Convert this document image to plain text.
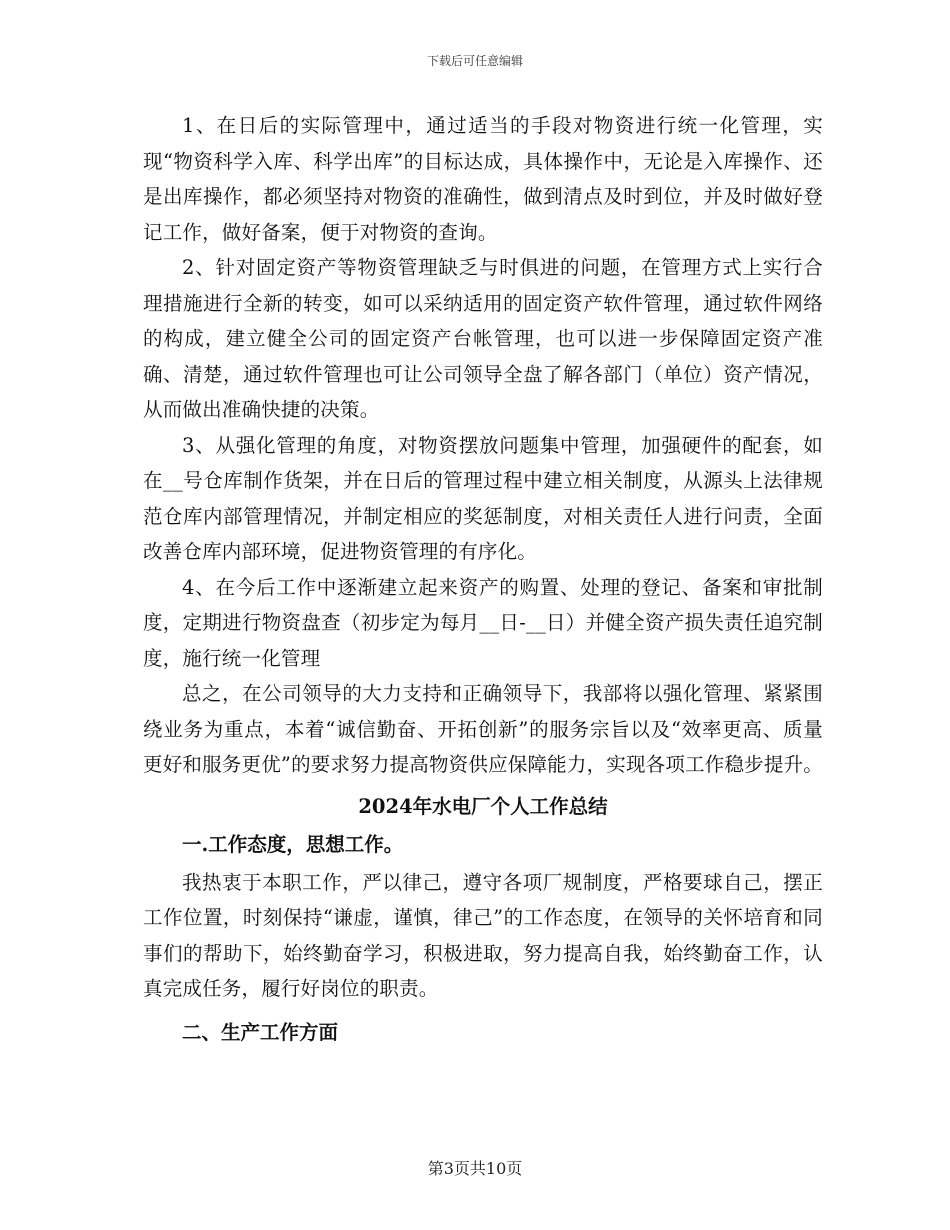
下载后可任意编辑

1、在日后的实际管理中，通过适当的手段对物资进行统一化管理，实现“物资科学入库、科学出库”的目标达成，具体操作中，无论是入库操作、还是出库操作，都必须坚持对物资的准确性，做到清点及时到位，并及时做好登记工作，做好备案，便于对物资的查询。

2、针对固定资产等物资管理缺乏与时俱进的问题，在管理方式上实行合理措施进行全新的转变，如可以采纳适用的固定资产软件管理，通过软件网络的构成，建立健全公司的固定资产台帐管理，也可以进一步保障固定资产准确、清楚，通过软件管理也可让公司领导全盘了解各部门（单位）资产情况，从而做出准确快捷的决策。

3、从强化管理的角度，对物资摆放问题集中管理，加强硬件的配套，如在__号仓库制作货架，并在日后的管理过程中建立相关制度，从源头上法律规范仓库内部管理情况，并制定相应的奖惩制度，对相关责任人进行问责，全面改善仓库内部环境，促进物资管理的有序化。

4、在今后工作中逐渐建立起来资产的购置、处理的登记、备案和审批制度，定期进行物资盘查（初步定为每月__日-__日）并健全资产损失责任追究制度，施行统一化管理

总之，在公司领导的大力支持和正确领导下，我部将以强化管理、紧紧围绕业务为重点，本着“诚信勤奋、开拓创新”的服务宗旨以及“效率更高、质量更好和服务更优”的要求努力提高物资供应保障能力，实现各项工作稳步提升。

2024年水电厂个人工作总结
一.工作态度，思想工作。

我热衷于本职工作，严以律己，遵守各项厂规制度，严格要球自己，摆正工作位置，时刻保持“谦虚，谨慎，律己”的工作态度，在领导的关怀培育和同事们的帮助下，始终勤奋学习，积极进取，努力提高自我，始终勤奋工作，认真完成任务，履行好岗位的职责。

二、生产工作方面
第3页共10页
